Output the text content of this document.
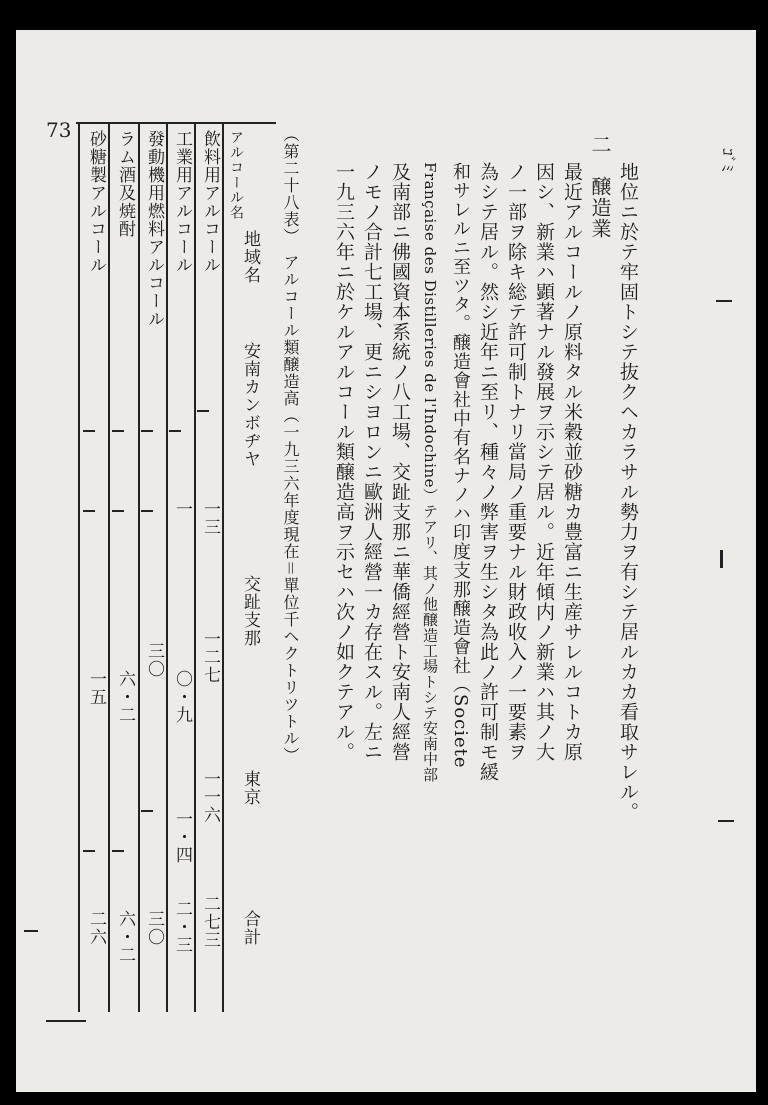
ｺﾞﾐ
地位ニ於テ牢固トシテ抜クヘカラサル勢力ヲ有シテ居ルカカ看取サレル。
二　醸造業
最近アルコールノ原料タル米穀並砂糖カ豊富ニ生産サレルコトカ原
因シ、新業ハ顕著ナル發展ヲ示シテ居ル。近年傾内ノ新業ハ其ノ大
ノ一部ヲ除キ総テ許可制トナリ當局ノ重要ナル財政收入ノ一要素ヲ
為シテ居ル。然シ近年ニ至リ、種々ノ弊害ヲ生シタ為此ノ許可制モ緩
和サレルニ至ツタ。醸造會社中有名ナノハ印度支那醸造會社（Societe
Française des Distilleries de l'Indochine）テアリ、其ノ他醸造工場トシテ安南中部
及南部ニ佛國資本系統ノ八工場、交趾支那ニ華僑經營ト安南人經營
ノモノ合計七工場、更ニシヨロンニ歐洲人經營一カ存在スル。左ニ
一九三六年ニ於ケルアルコール類醸造高ヲ示セハ次ノ如クテアル。
（第二十八表）　アルコール類醸造高（一九三六年度現在＝單位千ヘクトリツトル）
73
地域名
アルコール名
安南カンボヂヤ
交趾支那
東京
合計
飲料用アルコール
工業用アルコール
發動機用燃料アルコール
ラム酒及焼酎
砂糖製アルコール
一三
一二七
一一六
二七三
一
〇・九
一・四
二・三
三〇
三〇
六・二
六・二
一五
二六
